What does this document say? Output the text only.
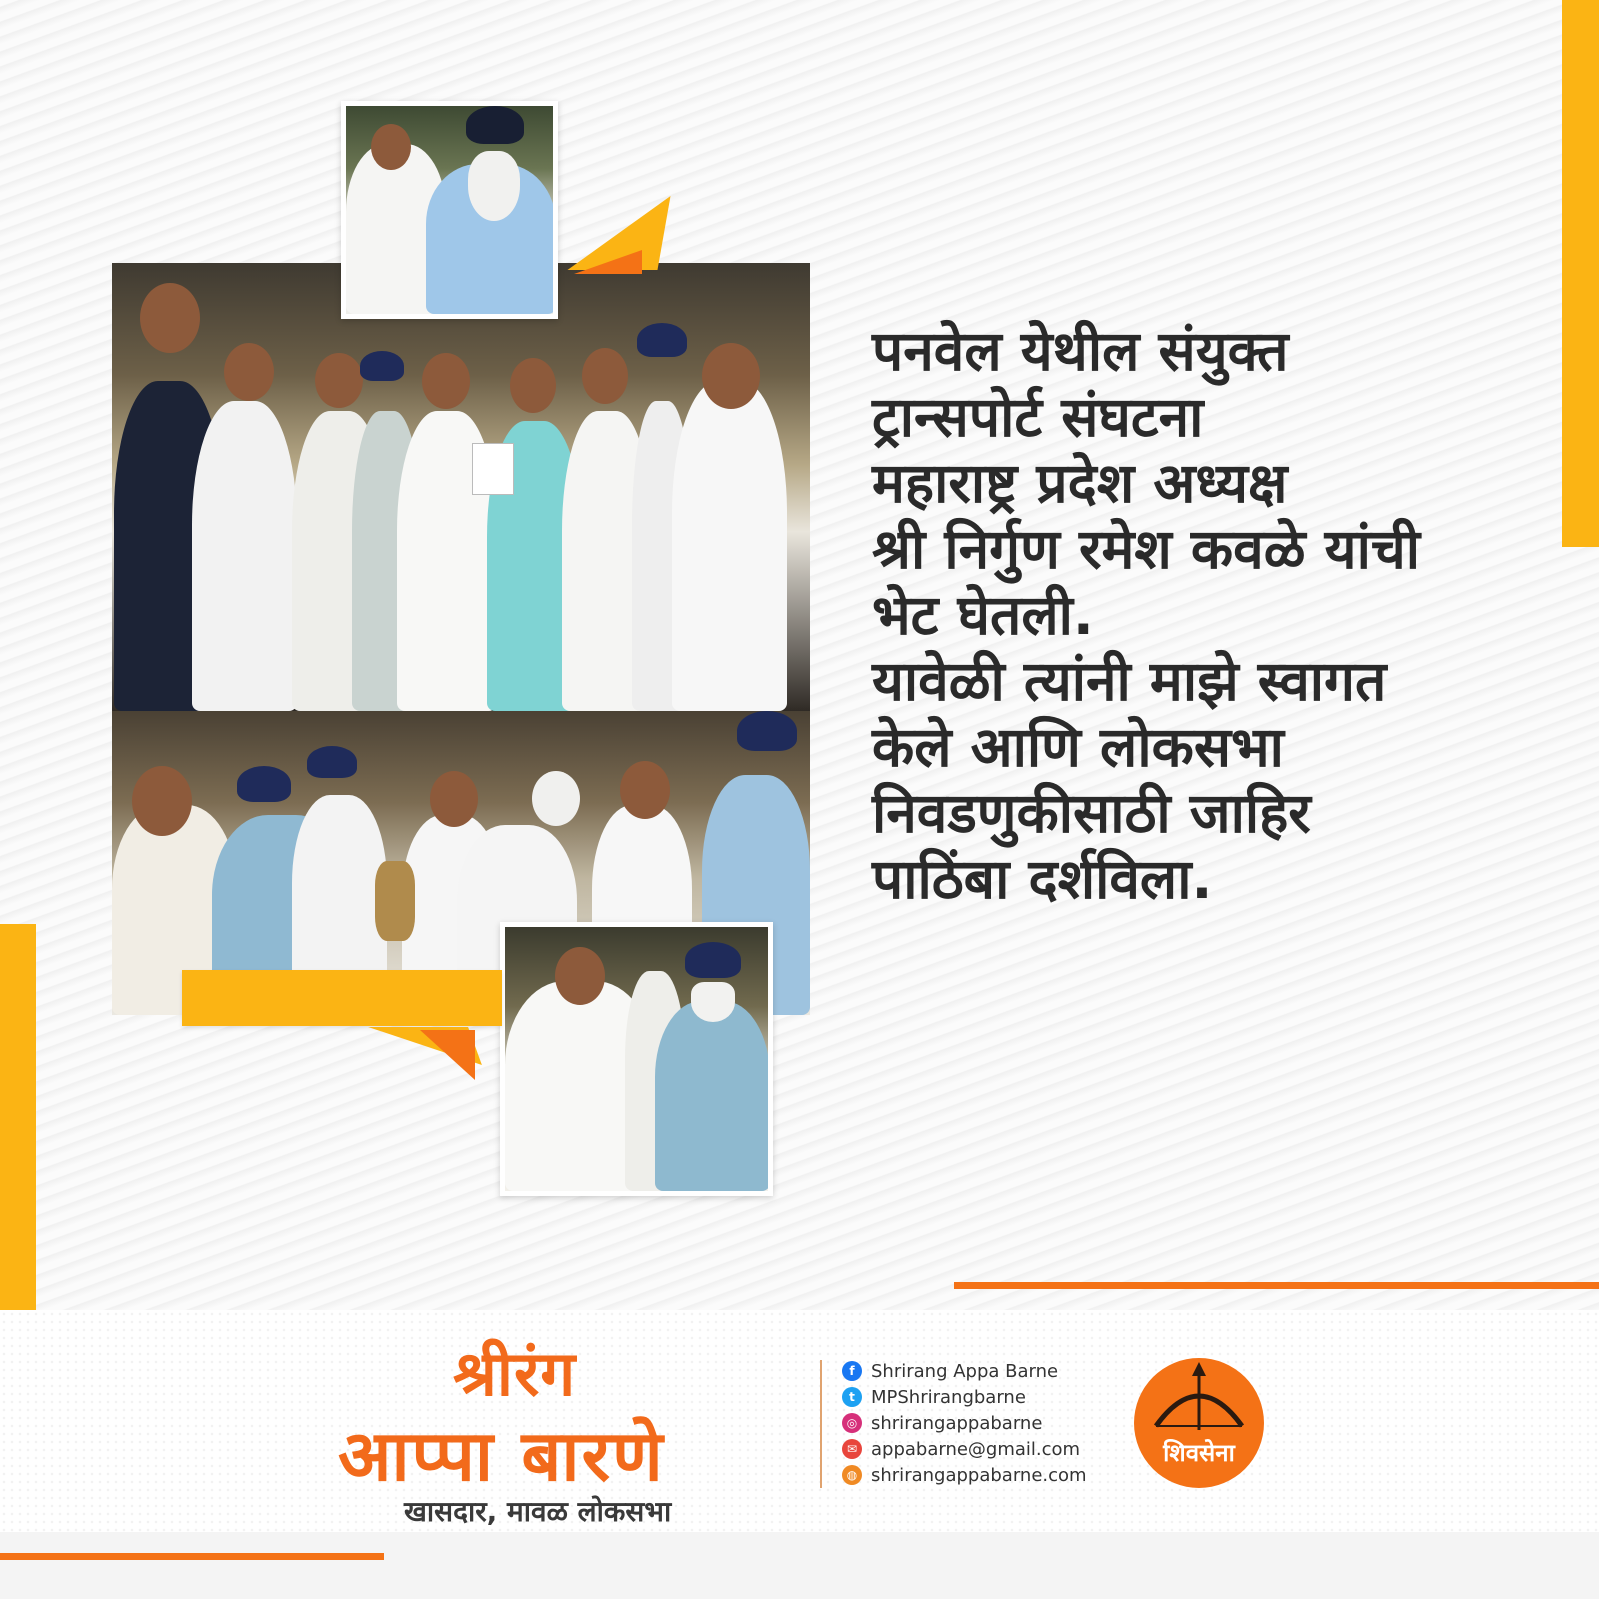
पनवेल येथील संयुक्त
ट्रान्सपोर्ट संघटना
महाराष्ट्र प्रदेश अध्यक्ष
श्री निर्गुण रमेश कवळे यांची
भेट घेतली.
यावेळी त्यांनी माझे स्वागत
केले आणि लोकसभा
निवडणुकीसाठी जाहिर
पाठिंबा दर्शविला.

श्रीरंग

आप्पा बारणे

खासदार, मावळ लोकसभा

f Shrirang Appa Barne
t MPShrirangbarne
◎ shrirangappabarne
✉ appabarne@gmail.com
◍ shrirangappabarne.com

शिवसेना
